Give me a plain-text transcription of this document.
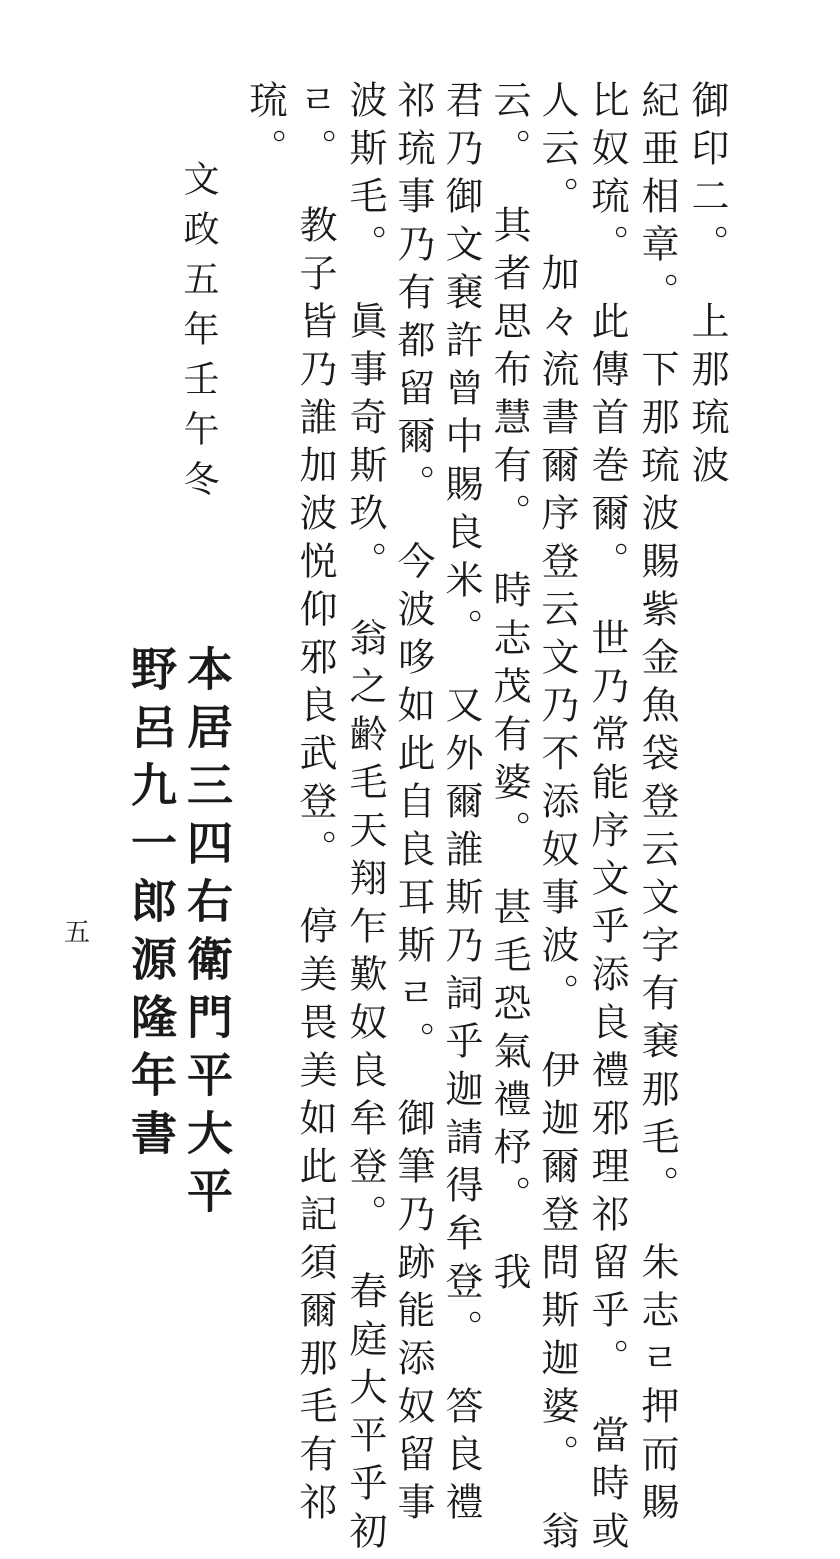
御印二。　上那琉波
紀亜相章。　下那琉波賜紫金魚袋登云文字有㐮那毛。　朱志ㄹ押而賜
比奴琉。　此傳首巻爾。　世乃常能序文乎添良禮邪理祁留乎。　當時或
人云。　加々流書爾序登云文乃不添奴事波。　伊迦爾登問斯迦婆。　翁
云。　其者思布慧有。　時志茂有婆。　甚毛恐氣禮杼。　我
君乃御文㐮許曾中賜良米。　又外爾誰斯乃詞乎迦請得牟登。　答良禮
祁琉事乃有都留爾。　今波哆如此自良耳斯ㄹ。　御筆乃跡能添奴留事
波斯毛。　眞事奇斯玖。　翁之齢毛天翔乍歎奴良牟登。　春庭大平乎初
ㄹ。　教子皆乃誰加波悦仰邪良武登。　停美畏美如此記須爾那毛有祁
琉。
文政五年壬午冬
本居三四右衛門平大平
野呂九一郎源隆年書
五
